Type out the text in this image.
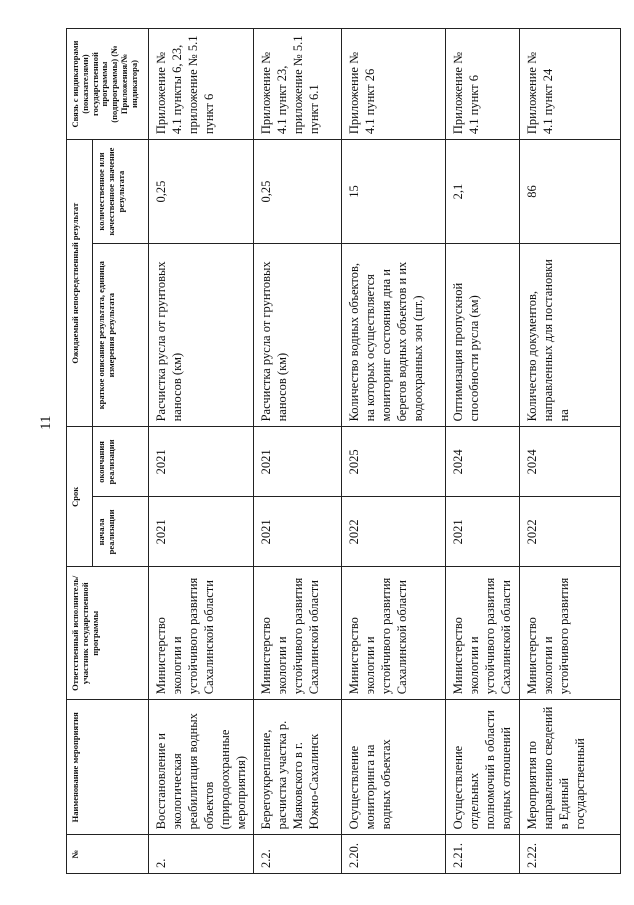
11
№	Наименование мероприятия	Ответственный исполнитель/участник государственной программы	Срок		Ожидаемый непосредственный результат		Связь с индикаторами (показателями) государственной программы (подпрограммы) (№ Приложения/№ индикатора)
			начала реализации	окончания реализации	краткое описание результата, единица измерения результата	количественное или качественное значение результата	
2.	Восстановление и экологическая реабилитация водных объектов (природоохранные мероприятия)	Министерство экологии и устойчивого развития Сахалинской области	2021	2021	Расчистка русла от грунтовых наносов (км)	0,25	Приложение № 4.1 пункты 6, 23, приложение № 5.1 пункт 6
2.2.	Берегоукрепление, расчистка участка р. Маяковского в г. Южно-Сахалинск	Министерство экологии и устойчивого развития Сахалинской области	2021	2021	Расчистка русла от грунтовых наносов (км)	0,25	Приложение № 4.1 пункт 23, приложение № 5.1 пункт 6.1
2.20.	Осуществление мониторинга на водных объектах	Министерство экологии и устойчивого развития Сахалинской области	2022	2025	Количество водных объектов, на которых осуществляется мониторинг состояния дна и берегов водных объектов и их водоохранных зон (шт.)	15	Приложение № 4.1 пункт 26
2.21.	Осуществление отдельных полномочий в области водных отношений	Министерство экологии и устойчивого развития Сахалинской области	2021	2024	Оптимизация пропускной способности русла (км)	2,1	Приложение № 4.1 пункт 6
2.22.	Мероприятия по направлению сведений в Единый государственный	Министерство экологии и устойчивого развития	2022	2024	Количество документов, направленных для постановки на	86	Приложение № 4.1 пункт 24
